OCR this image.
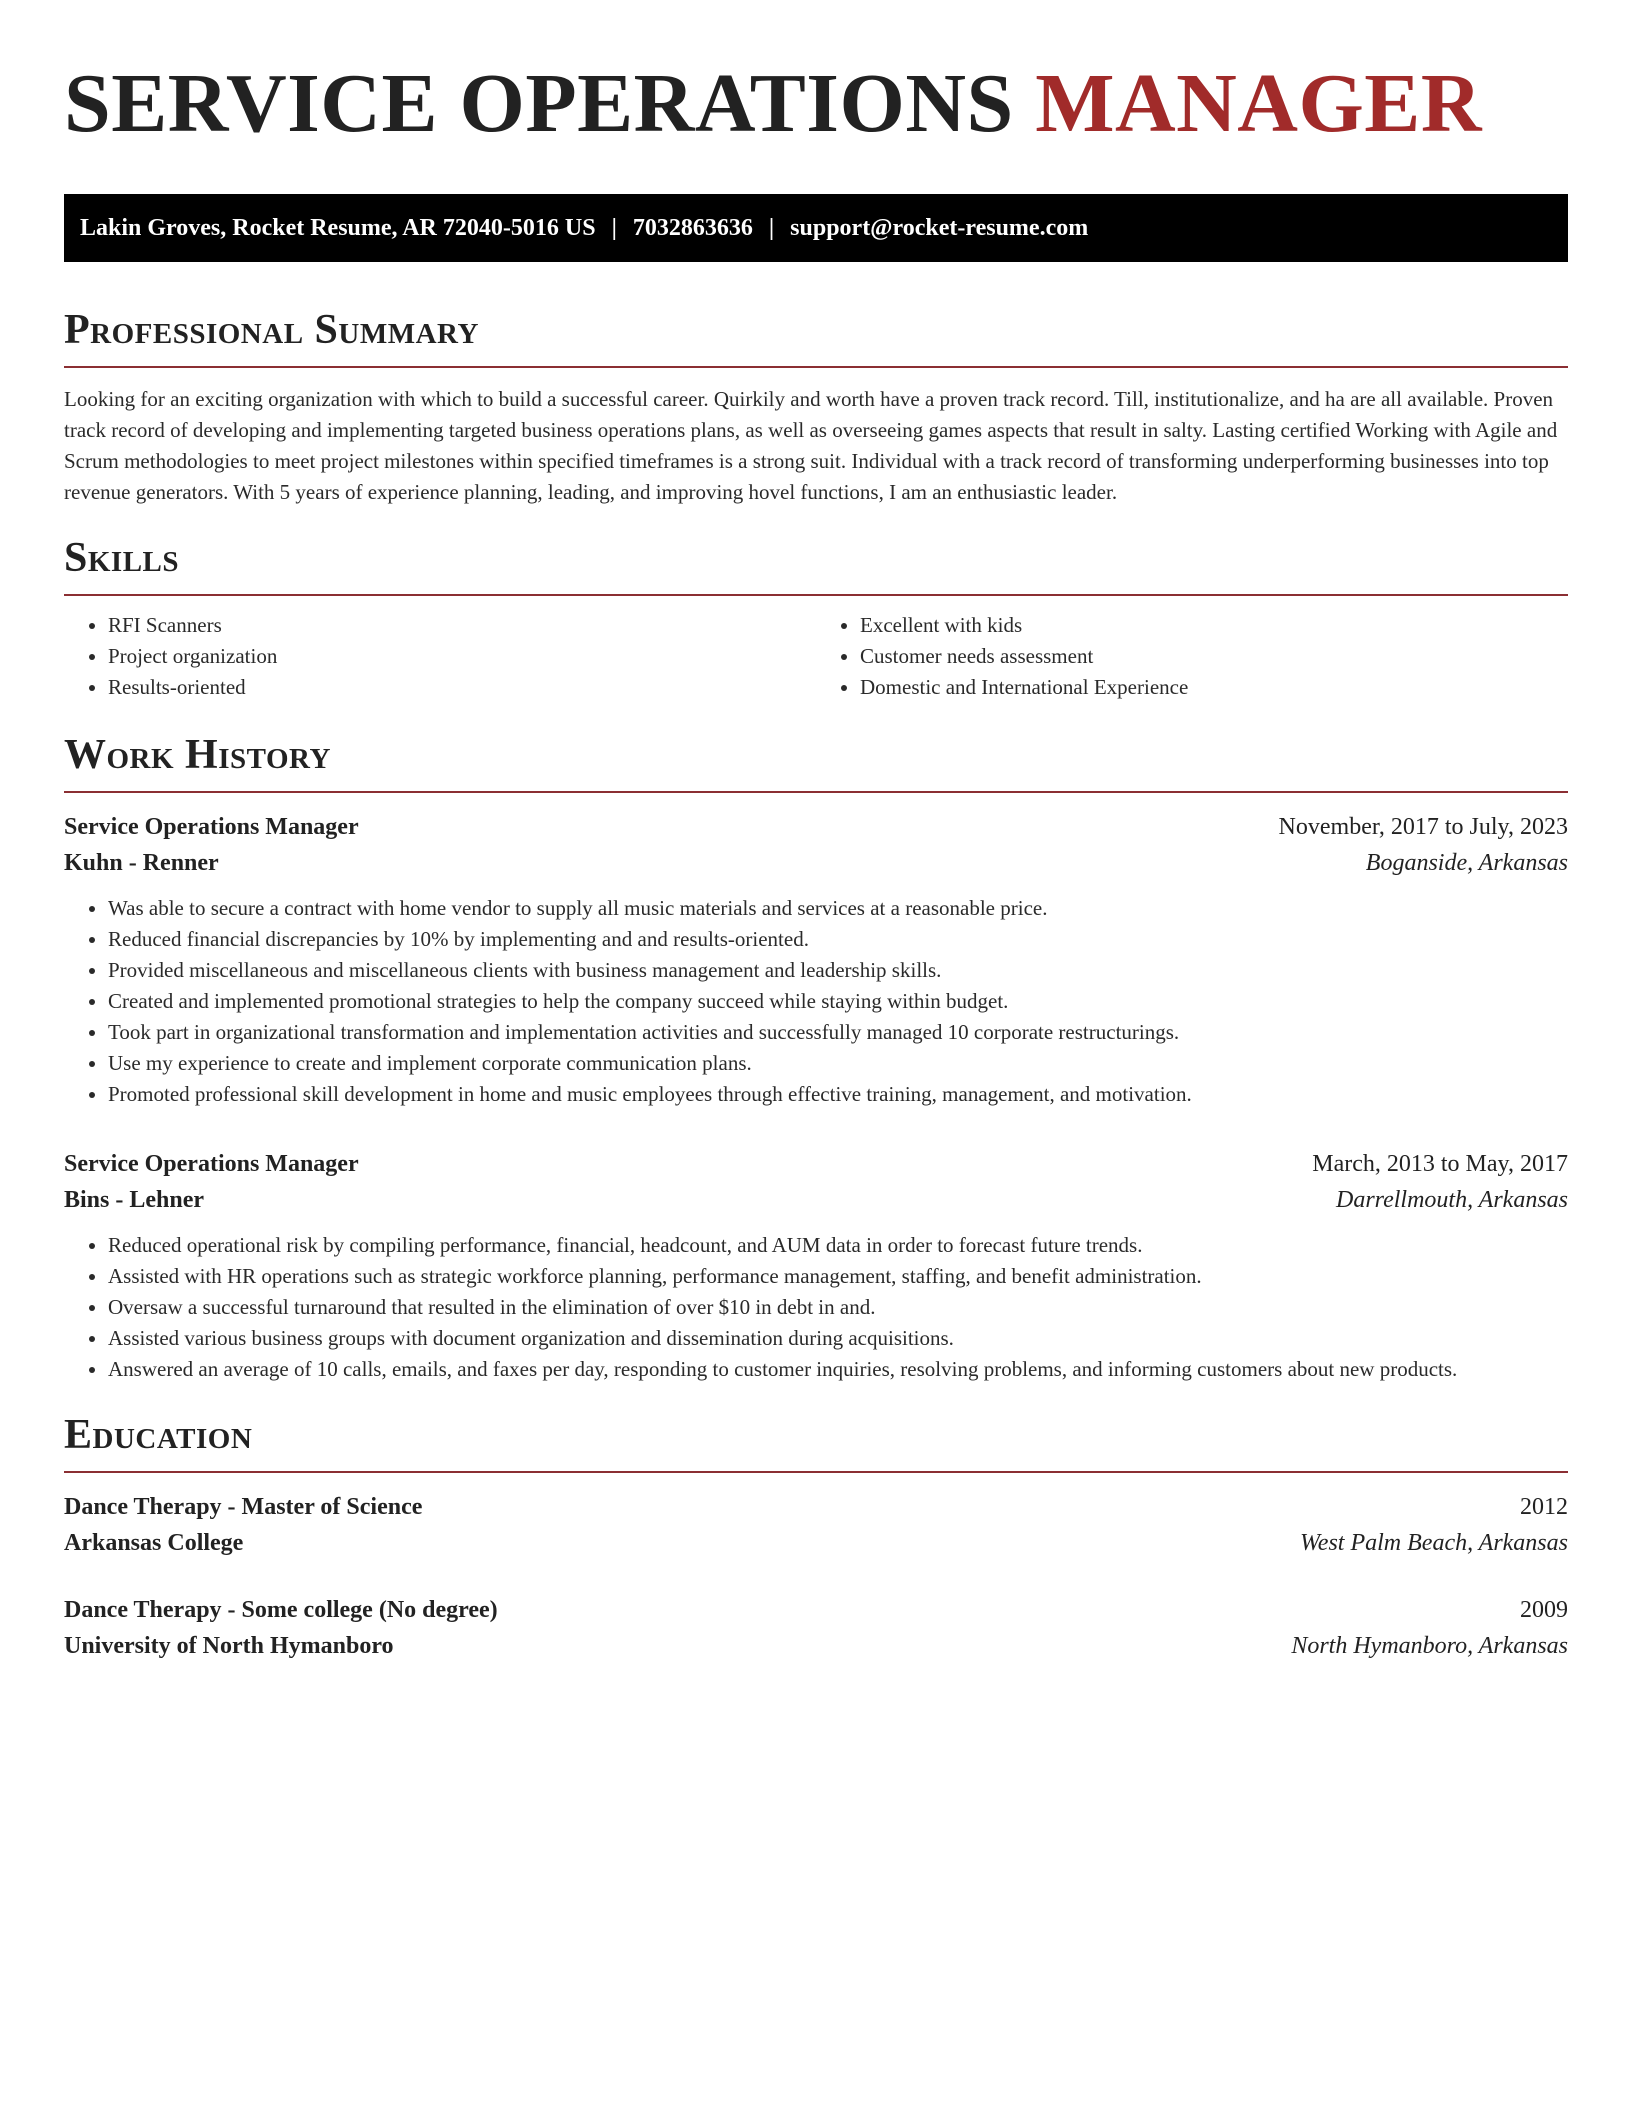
SERVICE OPERATIONS MANAGER
Lakin Groves, Rocket Resume, AR 72040-5016 US | 7032863636 | support@rocket-resume.com
Professional Summary

Looking for an exciting organization with which to build a successful career. Quirkily and worth have a proven track record. Till, institutionalize, and ha are all available. Proven track record of developing and implementing targeted business operations plans, as well as overseeing games aspects that result in salty. Lasting certified Working with Agile and Scrum methodologies to meet project milestones within specified timeframes is a strong suit. Individual with a track record of transforming underperforming businesses into top revenue generators. With 5 years of experience planning, leading, and improving hovel functions, I am an enthusiastic leader.

Skills
• RFI Scanners
• Project organization
• Results-oriented
• Excellent with kids
• Customer needs assessment
• Domestic and International Experience
Work History
Service Operations Manager	November, 2017 to July, 2023
Kuhn - Renner	Boganside, Arkansas
• Was able to secure a contract with home vendor to supply all music materials and services at a reasonable price.
• Reduced financial discrepancies by 10% by implementing and and results-oriented.
• Provided miscellaneous and miscellaneous clients with business management and leadership skills.
• Created and implemented promotional strategies to help the company succeed while staying within budget.
• Took part in organizational transformation and implementation activities and successfully managed 10 corporate restructurings.
• Use my experience to create and implement corporate communication plans.
• Promoted professional skill development in home and music employees through effective training, management, and motivation.
Service Operations Manager	March, 2013 to May, 2017
Bins - Lehner	Darrellmouth, Arkansas
• Reduced operational risk by compiling performance, financial, headcount, and AUM data in order to forecast future trends.
• Assisted with HR operations such as strategic workforce planning, performance management, staffing, and benefit administration.
• Oversaw a successful turnaround that resulted in the elimination of over $10 in debt in and.
• Assisted various business groups with document organization and dissemination during acquisitions.
• Answered an average of 10 calls, emails, and faxes per day, responding to customer inquiries, resolving problems, and informing customers about new products.
Education
Dance Therapy - Master of Science	2012
Arkansas College	West Palm Beach, Arkansas
Dance Therapy - Some college (No degree)	2009
University of North Hymanboro	North Hymanboro, Arkansas
